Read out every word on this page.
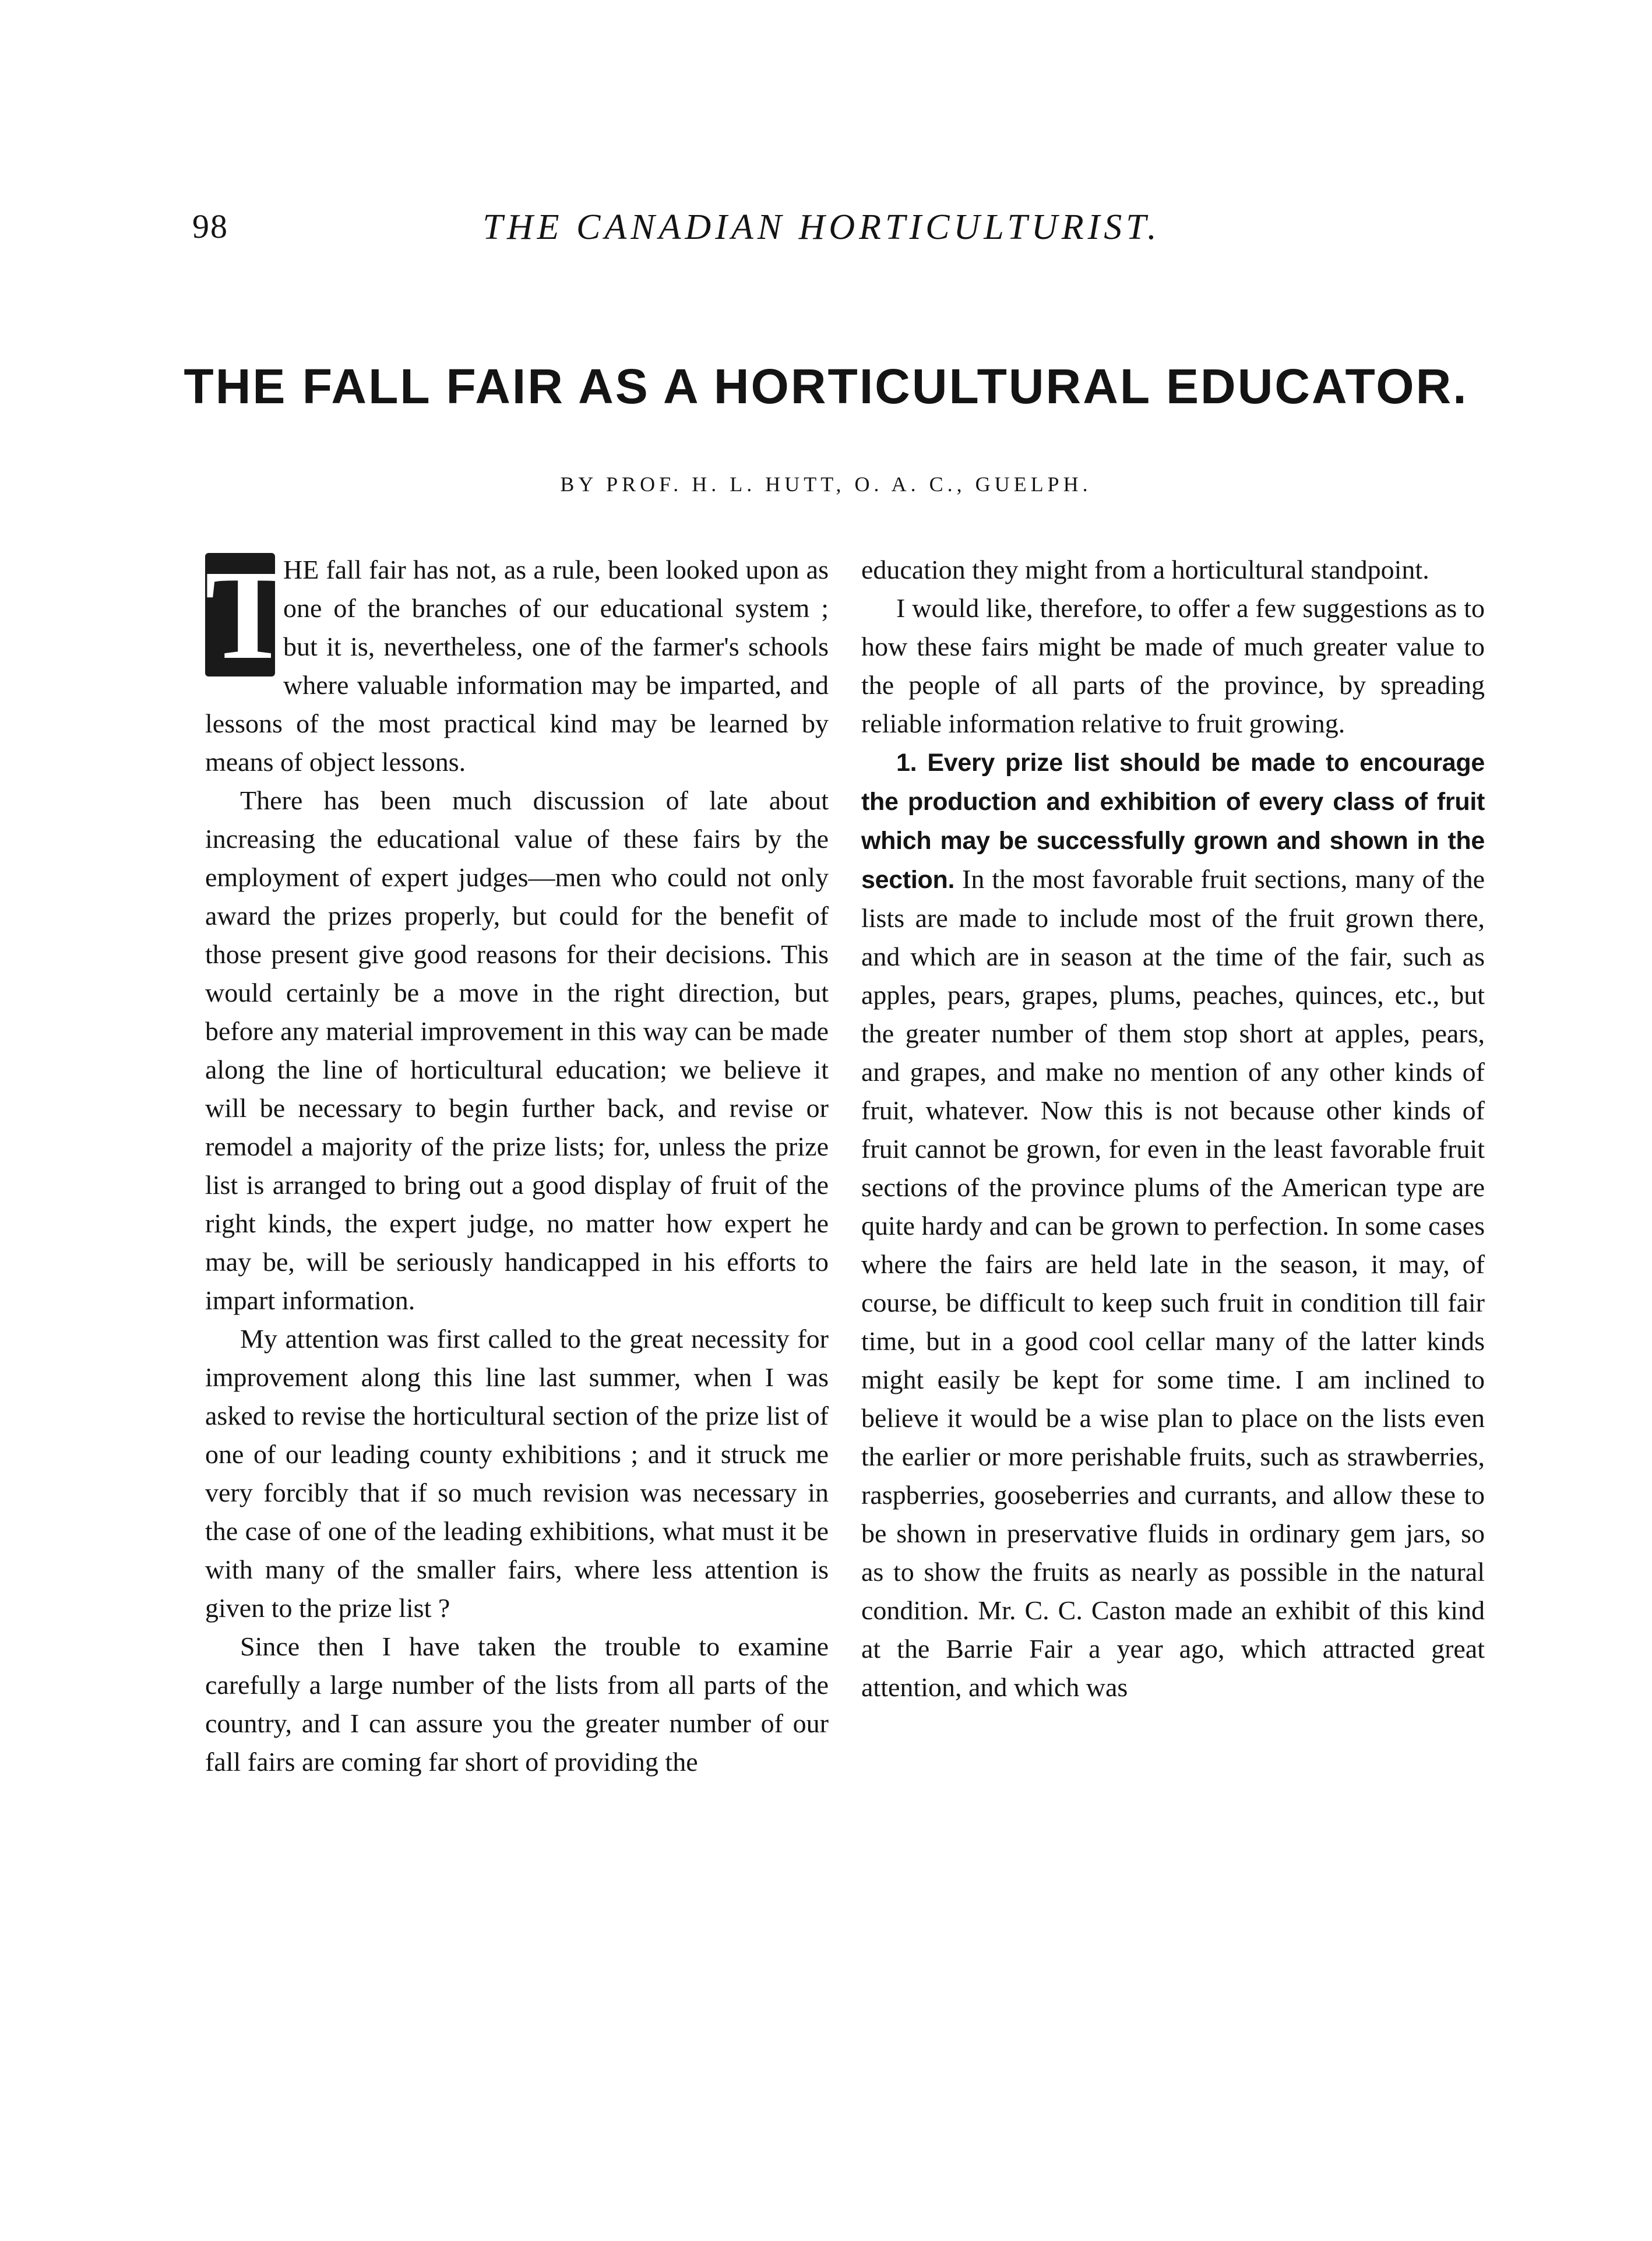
98	THE CANADIAN HORTICULTURIST.
THE FALL FAIR AS A HORTICULTURAL EDUCATOR.
BY PROF. H. L. HUTT, O. A. C., GUELPH.

T
HE fall fair has not, as a rule, been looked upon as one of the branches of our educational system ; but it is, nevertheless, one of the farmer's schools where valuable information may be imparted, and lessons of the most practical kind may be learned by means of object lessons.

There has been much discussion of late about increasing the educational value of these fairs by the employment of expert judges—men who could not only award the prizes properly, but could for the benefit of those present give good reasons for their decisions. This would certainly be a move in the right direction, but before any material improvement in this way can be made along the line of horticultural education; we believe it will be necessary to begin further back, and revise or remodel a majority of the prize lists; for, unless the prize list is arranged to bring out a good display of fruit of the right kinds, the expert judge, no matter how expert he may be, will be seriously handicapped in his efforts to impart information.

My attention was first called to the great necessity for improvement along this line last summer, when I was asked to revise the horticultural section of the prize list of one of our leading county exhibitions ; and it struck me very forcibly that if so much revision was necessary in the case of one of the leading exhibitions, what must it be with many of the smaller fairs, where less attention is given to the prize list ?

Since then I have taken the trouble to examine carefully a large number of the lists from all parts of the country, and I can assure you the greater number of our fall fairs are coming far short of providing the

education they might from a horticultural standpoint.

I would like, therefore, to offer a few suggestions as to how these fairs might be made of much greater value to the people of all parts of the province, by spreading reliable information relative to fruit growing.

1. Every prize list should be made to encourage the production and exhibition of every class of fruit which may be successfully grown and shown in the section. In the most favorable fruit sections, many of the lists are made to include most of the fruit grown there, and which are in season at the time of the fair, such as apples, pears, grapes, plums, peaches, quinces, etc., but the greater number of them stop short at apples, pears, and grapes, and make no mention of any other kinds of fruit, whatever. Now this is not because other kinds of fruit cannot be grown, for even in the least favorable fruit sections of the province plums of the American type are quite hardy and can be grown to perfection. In some cases where the fairs are held late in the season, it may, of course, be difficult to keep such fruit in condition till fair time, but in a good cool cellar many of the latter kinds might easily be kept for some time. I am inclined to believe it would be a wise plan to place on the lists even the earlier or more perishable fruits, such as strawberries, raspberries, gooseberries and currants, and allow these to be shown in preservative fluids in ordinary gem jars, so as to show the fruits as nearly as possible in the natural condition. Mr. C. C. Caston made an exhibit of this kind at the Barrie Fair a year ago, which attracted great attention, and which was
